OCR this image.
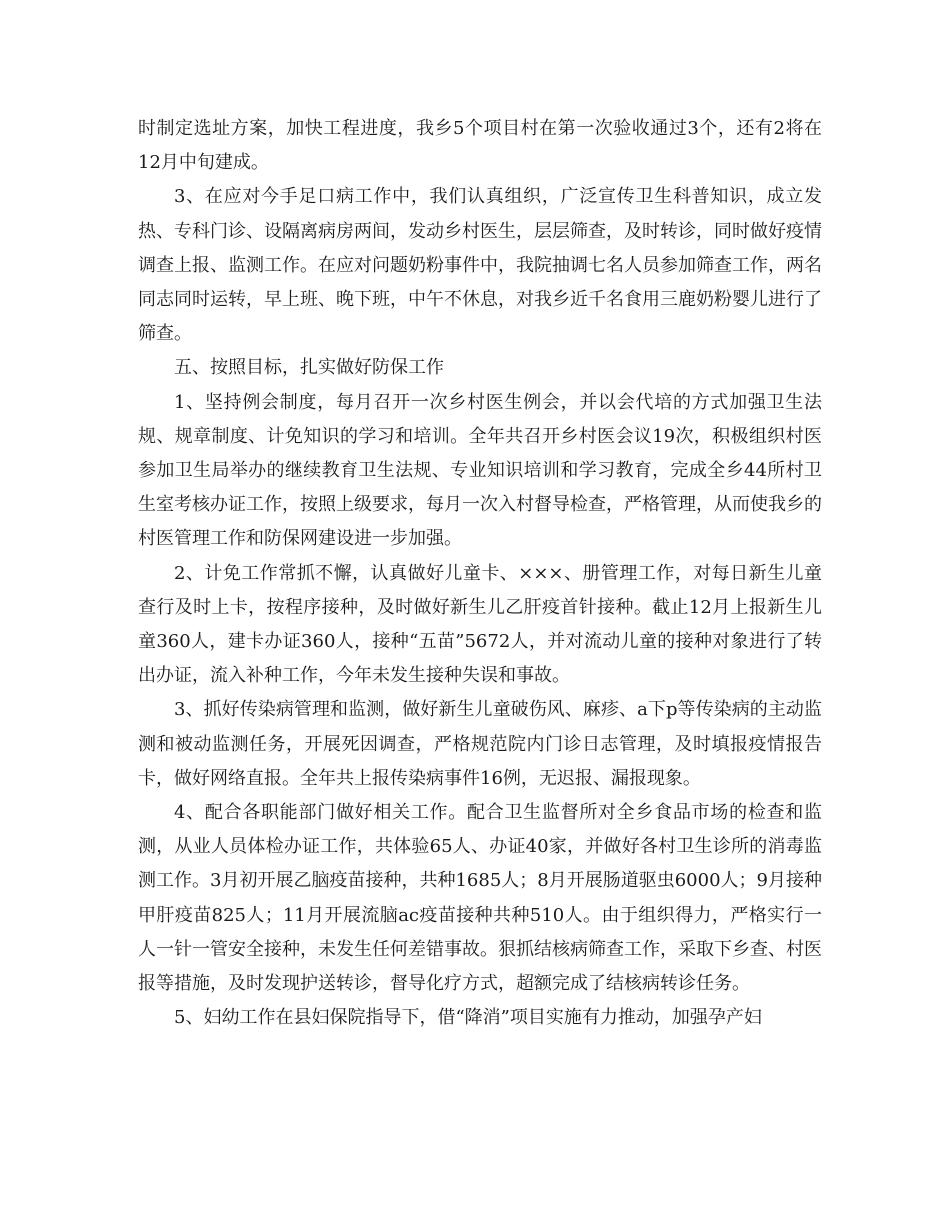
时制定选址方案，加快工程进度，我乡5个项目村在第一次验收通过3个，还有2将在12月中旬建成。

3、在应对今手足口病工作中，我们认真组织，广泛宣传卫生科普知识，成立发热、专科门诊、设隔离病房两间，发动乡村医生，层层筛查，及时转诊，同时做好疫情调查上报、监测工作。在应对问题奶粉事件中，我院抽调七名人员参加筛查工作，两名同志同时运转，早上班、晚下班，中午不休息，对我乡近千名食用三鹿奶粉婴儿进行了筛查。

五、按照目标，扎实做好防保工作

1、坚持例会制度，每月召开一次乡村医生例会，并以会代培的方式加强卫生法规、规章制度、计免知识的学习和培训。全年共召开乡村医会议19次，积极组织村医参加卫生局举办的继续教育卫生法规、专业知识培训和学习教育，完成全乡44所村卫生室考核办证工作，按照上级要求，每月一次入村督导检查，严格管理，从而使我乡的村医管理工作和防保网建设进一步加强。

2、计免工作常抓不懈，认真做好儿童卡、×××、册管理工作，对每日新生儿童查行及时上卡，按程序接种，及时做好新生儿乙肝疫首针接种。截止12月上报新生儿童360人，建卡办证360人，接种“五苗”5672人，并对流动儿童的接种对象进行了转出办证，流入补种工作，今年未发生接种失误和事故。

3、抓好传染病管理和监测，做好新生儿童破伤风、麻疹、a下p等传染病的主动监测和被动监测任务，开展死因调查，严格规范院内门诊日志管理，及时填报疫情报告卡，做好网络直报。全年共上报传染病事件16例，无迟报、漏报现象。

4、配合各职能部门做好相关工作。配合卫生监督所对全乡食品市场的检查和监测，从业人员体检办证工作，共体验65人、办证40家，并做好各村卫生诊所的消毒监测工作。3月初开展乙脑疫苗接种，共种1685人；8月开展肠道驱虫6000人；9月接种甲肝疫苗825人；11月开展流脑ac疫苗接种共种510人。由于组织得力，严格实行一人一针一管安全接种，未发生任何差错事故。狠抓结核病筛查工作，采取下乡查、村医报等措施，及时发现护送转诊，督导化疗方式，超额完成了结核病转诊任务。

5、妇幼工作在县妇保院指导下，借“降消”项目实施有力推动，加强孕产妇
